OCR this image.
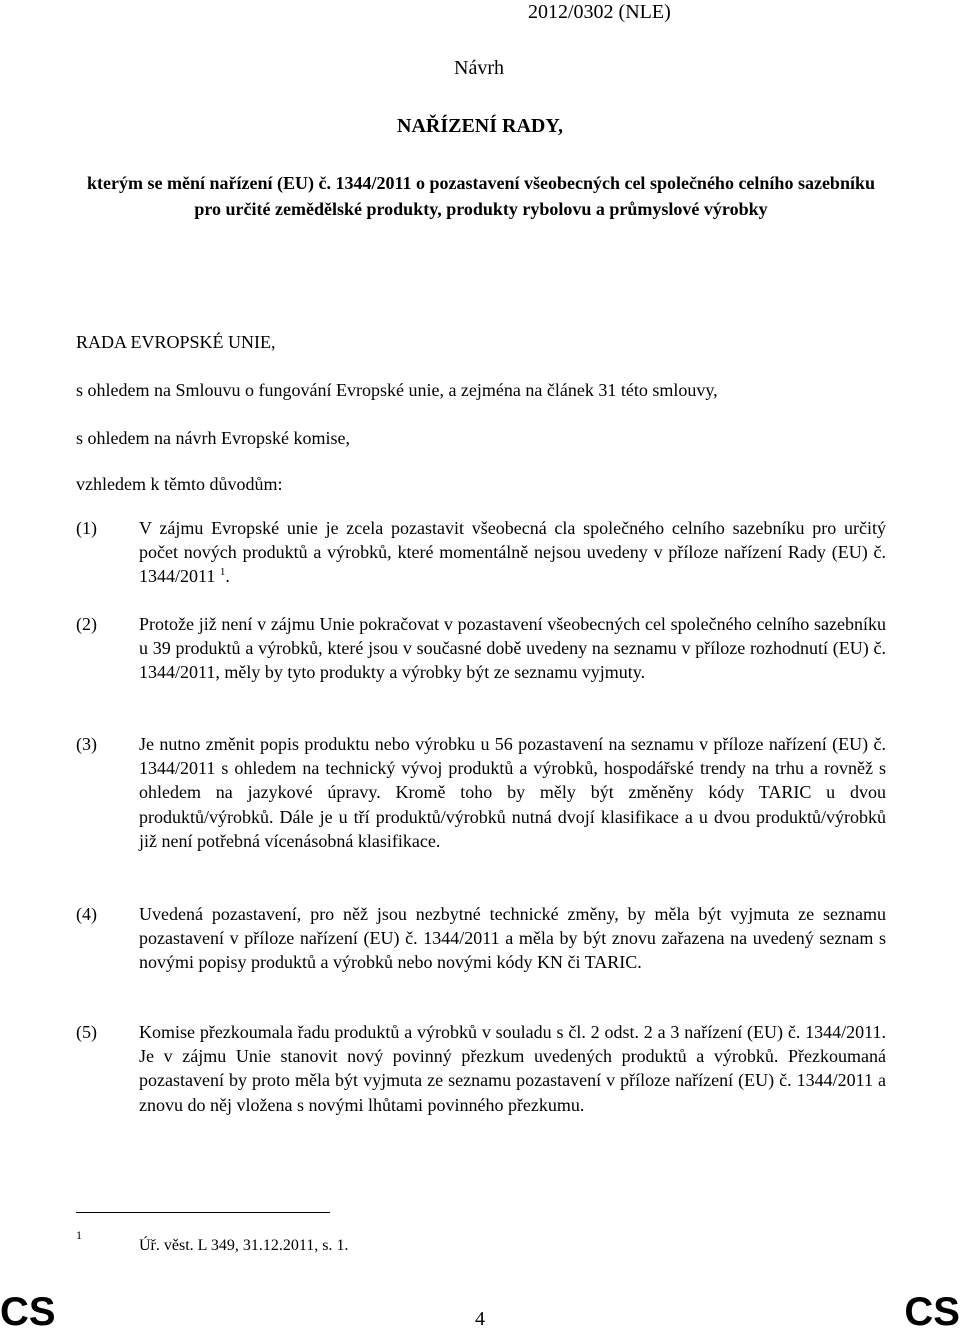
2012/0302 (NLE)
Návrh
NAŘÍZENÍ RADY,
kterým se mění nařízení (EU) č. 1344/2011 o pozastavení všeobecných cel společného celního sazebníku pro určité zemědělské produkty, produkty rybolovu a průmyslové výrobky
RADA EVROPSKÉ UNIE,
s ohledem na Smlouvu o fungování Evropské unie, a zejména na článek 31 této smlouvy,
s ohledem na návrh Evropské komise,
vzhledem k těmto důvodům:
(1)	V zájmu Evropské unie je zcela pozastavit všeobecná cla společného celního sazebníku pro určitý počet nových produktů a výrobků, které momentálně nejsou uvedeny v příloze nařízení Rady (EU) č. 1344/2011 $^1$.
(2)	Protože již není v zájmu Unie pokračovat v pozastavení všeobecných cel společného celního sazebníku u 39 produktů a výrobků, které jsou v současné době uvedeny na seznamu v příloze rozhodnutí (EU) č. 1344/2011, měly by tyto produkty a výrobky být ze seznamu vyjmuty.
(3)	Je nutno změnit popis produktu nebo výrobku u 56 pozastavení na seznamu v příloze nařízení (EU) č. 1344/2011 s ohledem na technický vývoj produktů a výrobků, hospodářské trendy na trhu a rovněž s ohledem na jazykové úpravy. Kromě toho by měly být změněny kódy TARIC u dvou produktů/výrobků. Dále je u tří produktů/výrobků nutná dvojí klasifikace a u dvou produktů/výrobků již není potřebná vícenásobná klasifikace.
(4)	Uvedená pozastavení, pro něž jsou nezbytné technické změny, by měla být vyjmuta ze seznamu pozastavení v příloze nařízení (EU) č. 1344/2011 a měla by být znovu zařazena na uvedený seznam s novými popisy produktů a výrobků nebo novými kódy KN či TARIC.
(5)	Komise přezkoumala řadu produktů a výrobků v souladu s čl. 2 odst. 2 a 3 nařízení (EU) č. 1344/2011. Je v zájmu Unie stanovit nový povinný přezkum uvedených produktů a výrobků. Přezkoumaná pozastavení by proto měla být vyjmuta ze seznamu pozastavení v příloze nařízení (EU) č. 1344/2011 a znovu do něj vložena s novými lhůtami povinného přezkumu.
1
Úř. věst. L 349, 31.12.2011, s. 1.
CS	4	CS
